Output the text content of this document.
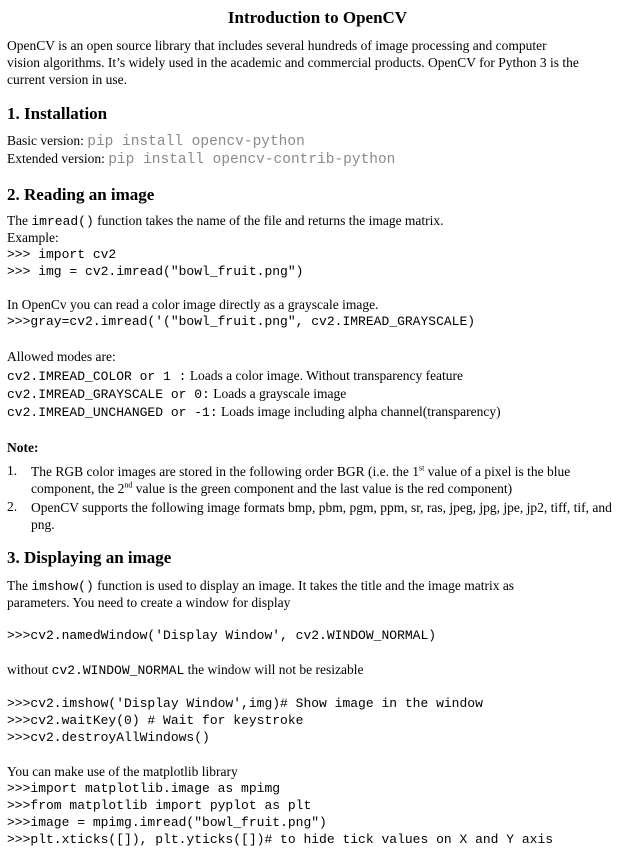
Introduction to OpenCV
OpenCV is an open source library that includes several hundreds of image processing and computer
vision algorithms. It’s widely used in the academic and commercial products. OpenCV for Python 3 is the
current version in use.
1. Installation
Basic version: pip install opencv-python
Extended version: pip install opencv-contrib-python
2. Reading an image
The imread() function takes the name of the file and returns the image matrix.
Example:
>>> import cv2
>>> img = cv2.imread("bowl_fruit.png")
In OpenCv you can read a color image directly as a grayscale image.
>>>gray=cv2.imread('("bowl_fruit.png", cv2.IMREAD_GRAYSCALE)
Allowed modes are:
cv2.IMREAD_COLOR or 1 : Loads a color image. Without transparency feature
cv2.IMREAD_GRAYSCALE or 0: Loads a grayscale image
cv2.IMREAD_UNCHANGED or -1: Loads image including alpha channel(transparency)
Note:
1.	The RGB color images are stored in the following order BGR (i.e. the 1st value of a pixel is the blue component, the 2nd value is the green component and the last value is the red component)
2.	OpenCV supports the following image formats bmp, pbm, pgm, ppm, sr, ras, jpeg, jpg, jpe, jp2, tiff, tif, and png.
3. Displaying an image
The imshow() function is used to display an image. It takes the title and the image matrix as
parameters. You need to create a window for display
>>>cv2.namedWindow('Display Window', cv2.WINDOW_NORMAL)
without cv2.WINDOW_NORMAL the window will not be resizable
>>>cv2.imshow('Display Window',img)# Show image in the window
>>>cv2.waitKey(0) # Wait for keystroke
>>>cv2.destroyAllWindows()
You can make use of the matplotlib library
>>>import matplotlib.image as mpimg
>>>from matplotlib import pyplot as plt
>>>image = mpimg.imread("bowl_fruit.png")
>>>plt.xticks([]), plt.yticks([])# to hide tick values on X and Y axis
